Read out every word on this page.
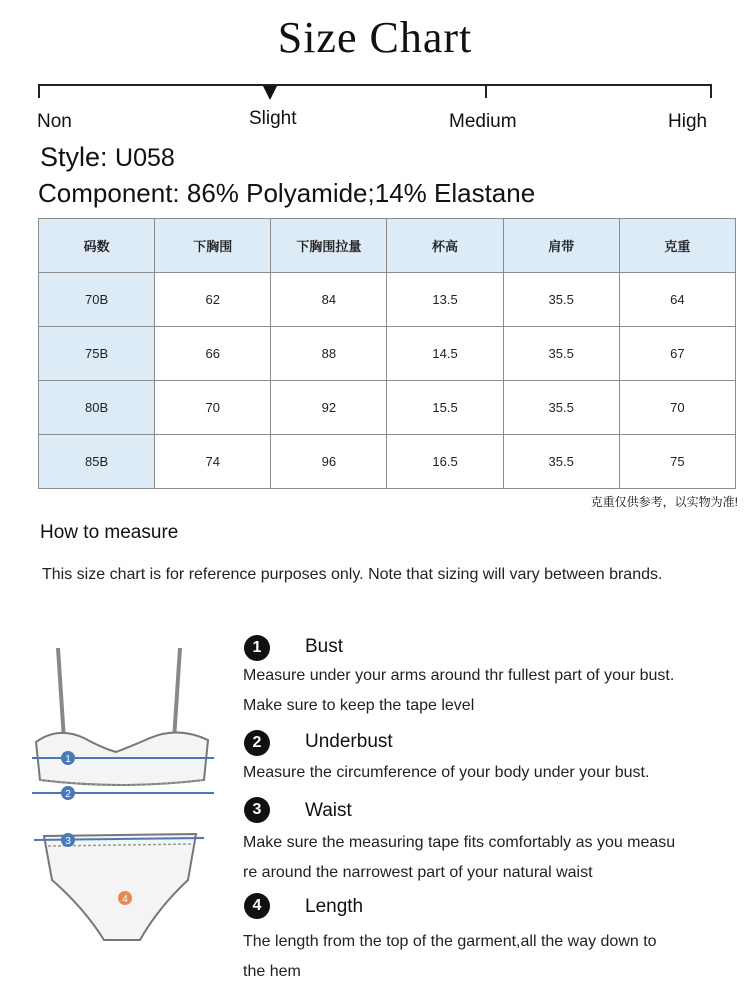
Size Chart
Non	Slight	Medium	High
Style: U058
Component: 86% Polyamide;14% Elastane
码数	下胸围	下胸围拉量	杯高	肩带	克重
70B	62	84	13.5	35.5	64
75B	66	88	14.5	35.5	67
80B	70	92	15.5	35.5	70
85B	74	96	16.5	35.5	75
克重仅供参考，以实物为准!
How to measure
This size chart is for reference purposes only. Note that sizing will vary between brands.
1
2
3
4
1	Bust
Measure under your arms around thr fullest part of your bust.
Make sure to keep the tape level
2	Underbust
Measure the circumference of your body under your bust.
3	Waist
Make sure the measuring tape fits comfortably as you measu
re around the narrowest part of your natural waist
4	Length
The length from the top of the garment,all the way down to
the hem
